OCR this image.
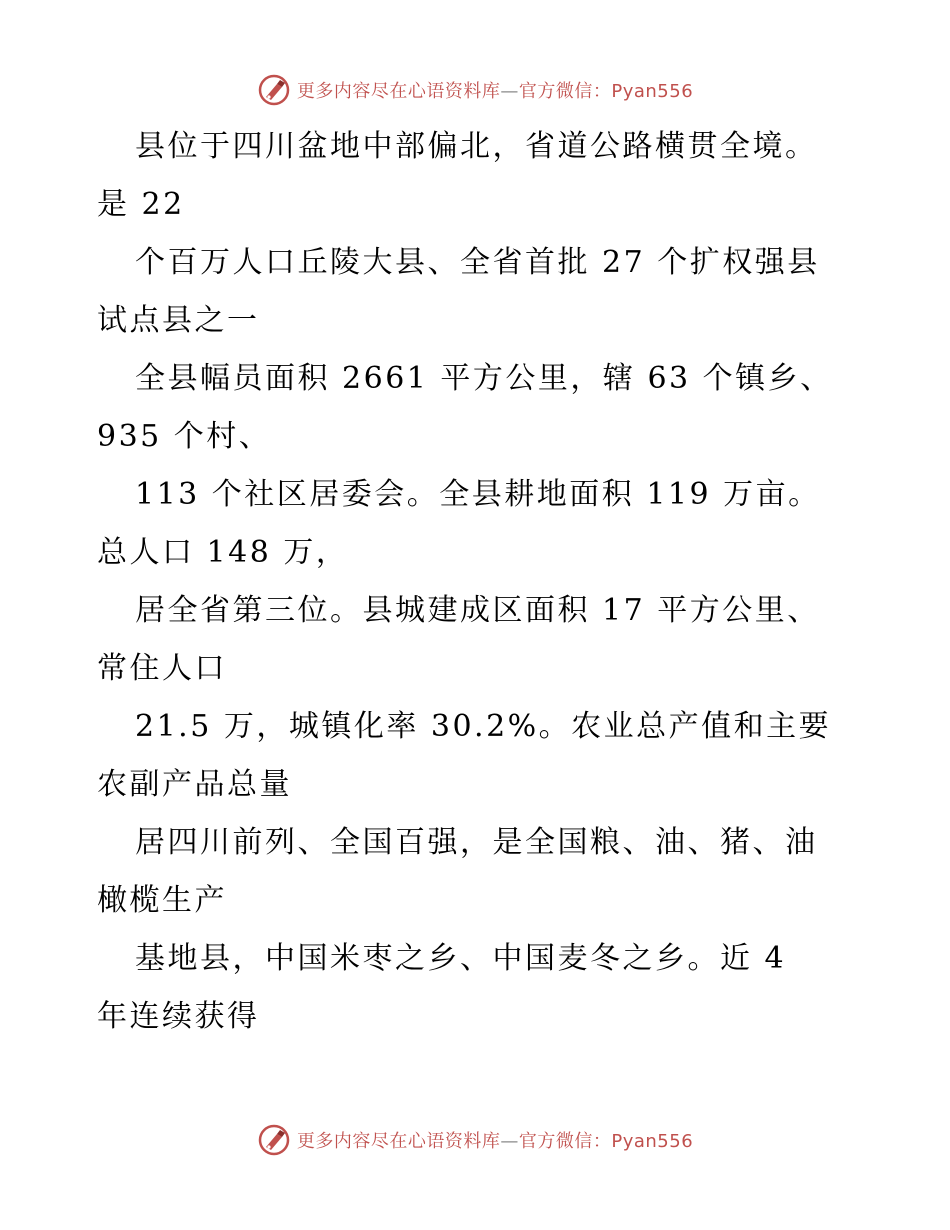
更多内容尽在心语资料库—官方微信：Pyan556
县位于四川盆地中部偏北，省道公路横贯全境。
是 22
个百万人口丘陵大县、全省首批 27 个扩权强县
试点县之一
全县幅员面积 2661 平方公里，辖 63 个镇乡、
935 个村、
113 个社区居委会。全县耕地面积 119 万亩。
总人口 148 万，
居全省第三位。县城建成区面积 17 平方公里、
常住人口
21.5 万，城镇化率 30.2%。农业总产值和主要
农副产品总量
居四川前列、全国百强，是全国粮、油、猪、油
橄榄生产
基地县，中国米枣之乡、中国麦冬之乡。近 4
年连续获得
更多内容尽在心语资料库—官方微信：Pyan556
